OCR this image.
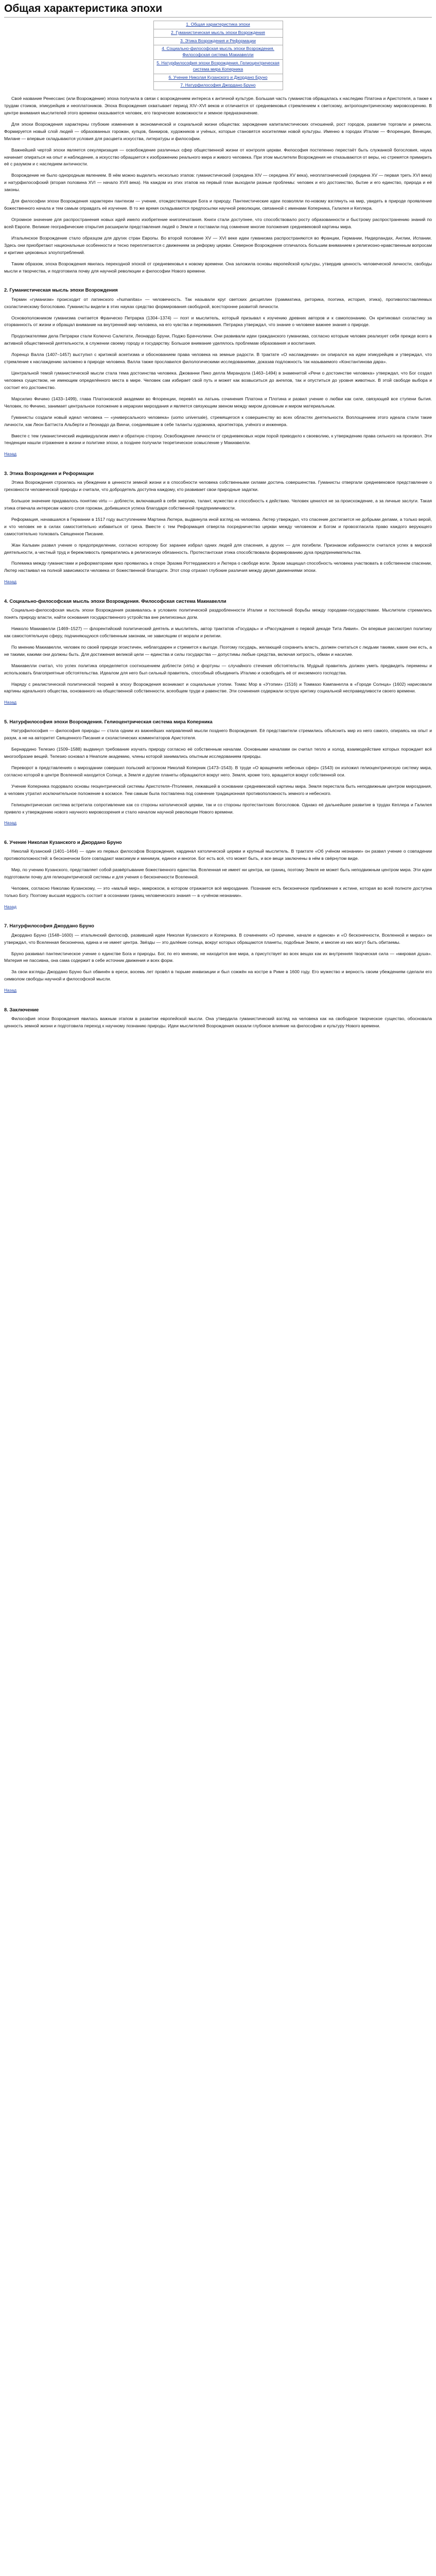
Общая характеристика эпохи
1. Общая характеристика эпохи
2. Гуманистическая мысль эпохи Возрождения
3. Этика Возрождения и Реформации
4. Социально-философская мысль эпохи Возрождения. Философская система Макиавелли
5. Натурфилософия эпохи Возрождения. Гелиоцентрическая система мира Коперника
6. Учение Николая Кузанского и Джордано Бруно
7. Натурфилософия Джордано Бруно

Своё название Ренессанс (или Возрождение) эпоха получила в связи с возрождением интереса к античной культуре. Большая часть гуманистов обращалась к наследию Платона и Аристотеля, а также к трудам стоиков, эпикурейцев и неоплатоников. Эпоха Возрождения охватывает период XIV–XVI веков и отличается от средневековья стремлением к светскому, антропоцентрическому мировоззрению. В центре внимания мыслителей этого времени оказывается человек, его творческие возможности и земное предназначение.

Для эпохи Возрождения характерны глубокие изменения в экономической и социальной жизни общества: зарождение капиталистических отношений, рост городов, развитие торговли и ремесла. Формируется новый слой людей — образованных горожан, купцов, банкиров, художников и учёных, которые становятся носителями новой культуры. Именно в городах Италии — Флоренции, Венеции, Милане — впервые складываются условия для расцвета искусства, литературы и философии.

Важнейшей чертой эпохи является секуляризация — освобождение различных сфер общественной жизни от контроля церкви. Философия постепенно перестаёт быть служанкой богословия, наука начинает опираться на опыт и наблюдение, а искусство обращается к изображению реального мира и живого человека. При этом мыслители Возрождения не отказываются от веры, но стремятся примирить её с разумом и с наследием античности.

Возрождение не было однородным явлением. В нём можно выделить несколько этапов: гуманистический (середина XIV — середина XV века), неоплатонический (середина XV — первая треть XVI века) и натурфилософский (вторая половина XVI — начало XVII века). На каждом из этих этапов на первый план выходили разные проблемы: человек и его достоинство, бытие и его единство, природа и её законы.

Для философии эпохи Возрождения характерен пантеизм — учение, отождествляющее Бога и природу. Пантеистические идеи позволяли по-новому взглянуть на мир, увидеть в природе проявление божественного начала и тем самым оправдать её изучение. В то же время складываются предпосылки научной революции, связанной с именами Коперника, Галилея и Кеплера.

Огромное значение для распространения новых идей имело изобретение книгопечатания. Книги стали доступнее, что способствовало росту образованности и быстрому распространению знаний по всей Европе. Великие географические открытия расширили представления людей о Земле и поставили под сомнение многие положения средневековой картины мира.

Итальянское Возрождение стало образцом для других стран Европы. Во второй половине XV — XVI веке идеи гуманизма распространяются во Франции, Германии, Нидерландах, Англии, Испании. Здесь они приобретают национальные особенности и тесно переплетаются с движением за реформу церкви. Северное Возрождение отличалось большим вниманием к религиозно-нравственным вопросам и критике церковных злоупотреблений.

Таким образом, эпоха Возрождения явилась переходной эпохой от средневековья к новому времени. Она заложила основы европейской культуры, утвердив ценность человеческой личности, свободы мысли и творчества, и подготовила почву для научной революции и философии Нового времени.

2. Гуманистическая мысль эпохи Возрождения

Термин «гуманизм» происходит от латинского «humanitas» — человечность. Так называли круг светских дисциплин (грамматика, риторика, поэтика, история, этика), противопоставляемых схоластическому богословию. Гуманисты видели в этих науках средство формирования свободной, всесторонне развитой личности.

Основоположником гуманизма считается Франческо Петрарка (1304–1374) — поэт и мыслитель, который призывал к изучению древних авторов и к самопознанию. Он критиковал схоластику за оторванность от жизни и обращал внимание на внутренний мир человека, на его чувства и переживания. Петрарка утверждал, что знание о человеке важнее знания о природе.

Продолжателями дела Петрарки стали Колюччо Салютати, Леонардо Бруни, Поджо Браччолини. Они развивали идеи гражданского гуманизма, согласно которым человек реализует себя прежде всего в активной общественной деятельности, в служении своему городу и государству. Большое внимание уделялось проблемам образования и воспитания.

Лоренцо Валла (1407–1457) выступил с критикой аскетизма и обоснованием права человека на земные радости. В трактате «О наслаждении» он опирался на идеи эпикурейцев и утверждал, что стремление к наслаждению заложено в природе человека. Валла также прославился филологическими исследованиями, доказав подложность так называемого «Константинова дара».

Центральной темой гуманистической мысли стала тема достоинства человека. Джованни Пико делла Мирандола (1463–1494) в знаменитой «Речи о достоинстве человека» утверждал, что Бог создал человека существом, не имеющим определённого места в мире. Человек сам избирает свой путь и может как возвыситься до ангелов, так и опуститься до уровня животных. В этой свободе выбора и состоит его достоинство.

Марсилио Фичино (1433–1499), глава Платоновской академии во Флоренции, перевёл на латынь сочинения Платона и Плотина и развил учение о любви как силе, связующей все ступени бытия. Человек, по Фичино, занимает центральное положение в иерархии мироздания и является связующим звеном между миром духовным и миром материальным.

Гуманисты создали новый идеал человека — «универсального человека» (uomo universale), стремящегося к совершенству во всех областях деятельности. Воплощением этого идеала стали такие личности, как Леон Баттиста Альберти и Леонардо да Винчи, соединявшие в себе таланты художника, архитектора, учёного и инженера.

Вместе с тем гуманистический индивидуализм имел и обратную сторону. Освобождение личности от средневековых норм порой приводило к своеволию, к утверждению права сильного на произвол. Эти тенденции нашли отражение в жизни и политике эпохи, а позднее получили теоретическое осмысление у Макиавелли.

Назад
3. Этика Возрождения и Реформации

Этика Возрождения строилась на убеждении в ценности земной жизни и в способности человека собственными силами достичь совершенства. Гуманисты отвергали средневековое представление о греховности человеческой природы и считали, что добродетель доступна каждому, кто развивает свои природные задатки.

Большое значение придавалось понятию virtu — доблести, включавшей в себя энергию, талант, мужество и способность к действию. Человек ценился не за происхождение, а за личные заслуги. Такая этика отвечала интересам нового слоя горожан, добившихся успеха благодаря собственной предприимчивости.

Реформация, начавшаяся в Германии в 1517 году выступлением Мартина Лютера, выдвинула иной взгляд на человека. Лютер утверждал, что спасение достигается не добрыми делами, а только верой, и что человек не в силах самостоятельно избавиться от греха. Вместе с тем Реформация отвергла посредничество церкви между человеком и Богом и провозгласила право каждого верующего самостоятельно толковать Священное Писание.

Жан Кальвин развил учение о предопределении, согласно которому Бог заранее избрал одних людей для спасения, а других — для погибели. Признаком избранности считался успех в мирской деятельности, а честный труд и бережливость превратились в религиозную обязанность. Протестантская этика способствовала формированию духа предпринимательства.

Полемика между гуманистами и реформаторами ярко проявилась в споре Эразма Роттердамского и Лютера о свободе воли. Эразм защищал способность человека участвовать в собственном спасении, Лютер настаивал на полной зависимости человека от божественной благодати. Этот спор отразил глубокие различия между двумя движениями эпохи.

Назад
4. Социально-философская мысль эпохи Возрождения. Философская система Макиавелли

Социально-философская мысль эпохи Возрождения развивалась в условиях политической раздробленности Италии и постоянной борьбы между городами-государствами. Мыслители стремились понять природу власти, найти основания государственного устройства вне религиозных догм.

Никколо Макиавелли (1469–1527) — флорентийский политический деятель и мыслитель, автор трактатов «Государь» и «Рассуждения о первой декаде Тита Ливия». Он впервые рассмотрел политику как самостоятельную сферу, подчиняющуюся собственным законам, не зависящим от морали и религии.

По мнению Макиавелли, человек по своей природе эгоистичен, неблагодарен и стремится к выгоде. Поэтому государь, желающий сохранить власть, должен считаться с людьми такими, какие они есть, а не такими, какими они должны быть. Для достижения великой цели — единства и силы государства — допустимы любые средства, включая хитрость, обман и насилие.

Макиавелли считал, что успех политика определяется соотношением доблести (virtu) и фортуны — случайного стечения обстоятельств. Мудрый правитель должен уметь предвидеть перемены и использовать благоприятные обстоятельства. Идеалом для него был сильный правитель, способный объединить Италию и освободить её от иноземного господства.

Наряду с реалистической политической теорией в эпоху Возрождения возникают и социальные утопии. Томас Мор в «Утопии» (1516) и Томмазо Кампанелла в «Городе Солнца» (1602) нарисовали картины идеального общества, основанного на общественной собственности, всеобщем труде и равенстве. Эти сочинения содержали острую критику социальной несправедливости своего времени.

Назад
5. Натурфилософия эпохи Возрождения. Гелиоцентрическая система мира Коперника

Натурфилософия — философия природы — стала одним из важнейших направлений мысли позднего Возрождения. Её представители стремились объяснить мир из него самого, опираясь на опыт и разум, а не на авторитет Священного Писания и схоластических комментаторов Аристотеля.

Бернардино Телезио (1509–1588) выдвинул требование изучать природу согласно её собственным началам. Основными началами он считал тепло и холод, взаимодействие которых порождает всё многообразие вещей. Телезио основал в Неаполе академию, члены которой занимались опытным исследованием природы.

Переворот в представлениях о мироздании совершил польский астроном Николай Коперник (1473–1543). В труде «О вращениях небесных сфер» (1543) он изложил гелиоцентрическую систему мира, согласно которой в центре Вселенной находится Солнце, а Земля и другие планеты обращаются вокруг него. Земля, кроме того, вращается вокруг собственной оси.

Учение Коперника подорвало основы геоцентрической системы Аристотеля–Птолемея, лежавшей в основании средневековой картины мира. Земля перестала быть неподвижным центром мироздания, а человек утратил исключительное положение в космосе. Тем самым была поставлена под сомнение традиционная противоположность земного и небесного.

Гелиоцентрическая система встретила сопротивление как со стороны католической церкви, так и со стороны протестантских богословов. Однако её дальнейшее развитие в трудах Кеплера и Галилея привело к утверждению нового научного мировоззрения и стало началом научной революции Нового времени.

Назад
6. Учение Николая Кузанского и Джордано Бруно

Николай Кузанский (1401–1464) — один из первых философов Возрождения, кардинал католической церкви и крупный мыслитель. В трактате «Об учёном незнании» он развил учение о совпадении противоположностей: в бесконечном Боге совпадают максимум и минимум, единое и многое. Бог есть всё, что может быть, и все вещи заключены в нём в свёрнутом виде.

Мир, по учению Кузанского, представляет собой развёртывание божественного единства. Вселенная не имеет ни центра, ни границ, поэтому Земля не может быть неподвижным центром мира. Эти идеи подготовили почву для гелиоцентрической системы и для учения о бесконечности Вселенной.

Человек, согласно Николаю Кузанскому, — это «малый мир», микрокосм, в котором отражается всё мироздание. Познание есть бесконечное приближение к истине, которая во всей полноте доступна только Богу. Поэтому высшая мудрость состоит в осознании границ человеческого знания — в «учёном незнании».

Назад
7. Натурфилософия Джордано Бруно

Джордано Бруно (1548–1600) — итальянский философ, развивший идеи Николая Кузанского и Коперника. В сочинениях «О причине, начале и едином» и «О бесконечности, Вселенной и мирах» он утверждал, что Вселенная бесконечна, едина и не имеет центра. Звёзды — это далёкие солнца, вокруг которых обращаются планеты, подобные Земле, и многие из них могут быть обитаемы.

Бруно развивал пантеистическое учение о единстве Бога и природы. Бог, по его мнению, не находится вне мира, а присутствует во всех вещах как их внутренняя творческая сила — «мировая душа». Материя не пассивна, она сама содержит в себе источник движения и всех форм.

За свои взгляды Джордано Бруно был обвинён в ереси, восемь лет провёл в тюрьме инквизиции и был сожжён на костре в Риме в 1600 году. Его мужество и верность своим убеждениям сделали его символом свободы научной и философской мысли.

Назад
8. Заключение

Философия эпохи Возрождения явилась важным этапом в развитии европейской мысли. Она утвердила гуманистический взгляд на человека как на свободное творческое существо, обосновала ценность земной жизни и подготовила переход к научному познанию природы. Идеи мыслителей Возрождения оказали глубокое влияние на философию и культуру Нового времени.
